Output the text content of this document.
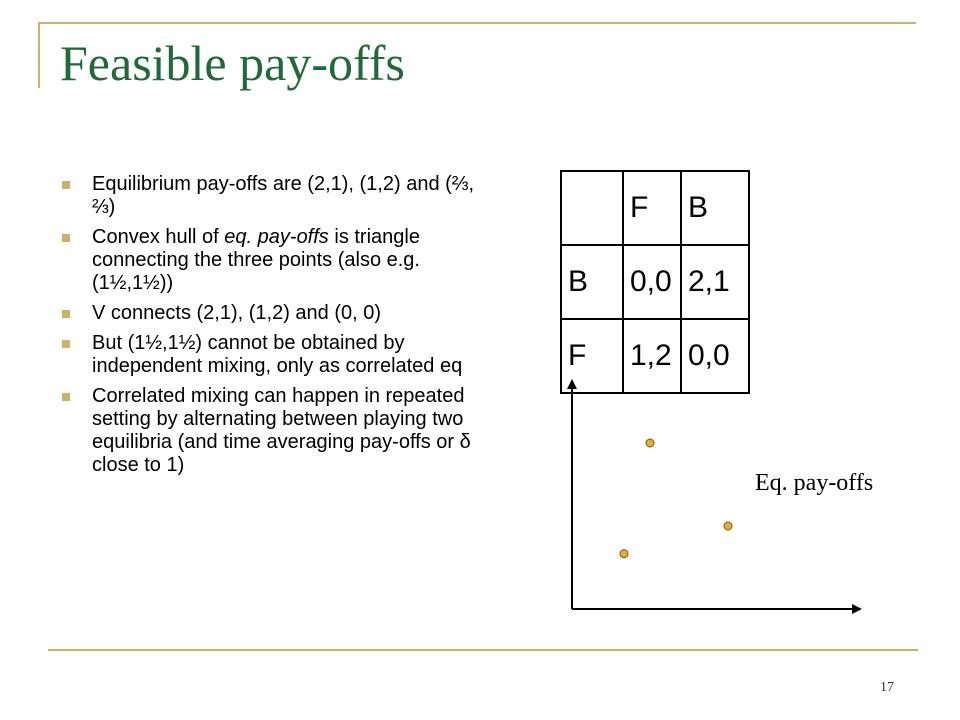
Feasible pay-offs
Equilibrium pay-offs are (2,1), (1,2) and (⅔, ⅔)
Convex hull of eq. pay-offs is triangle connecting the three points (also e.g. (1½,1½))
V connects (2,1), (1,2) and (0, 0)
But (1½,1½) cannot be obtained by independent mixing, only as correlated eq
Correlated mixing can happen in repeated setting by alternating between playing two equilibria (and time averaging pay-offs or δ close to 1)
	F	B
B	0,0	2,1
F	1,2	0,0
Eq. pay-offs
17
